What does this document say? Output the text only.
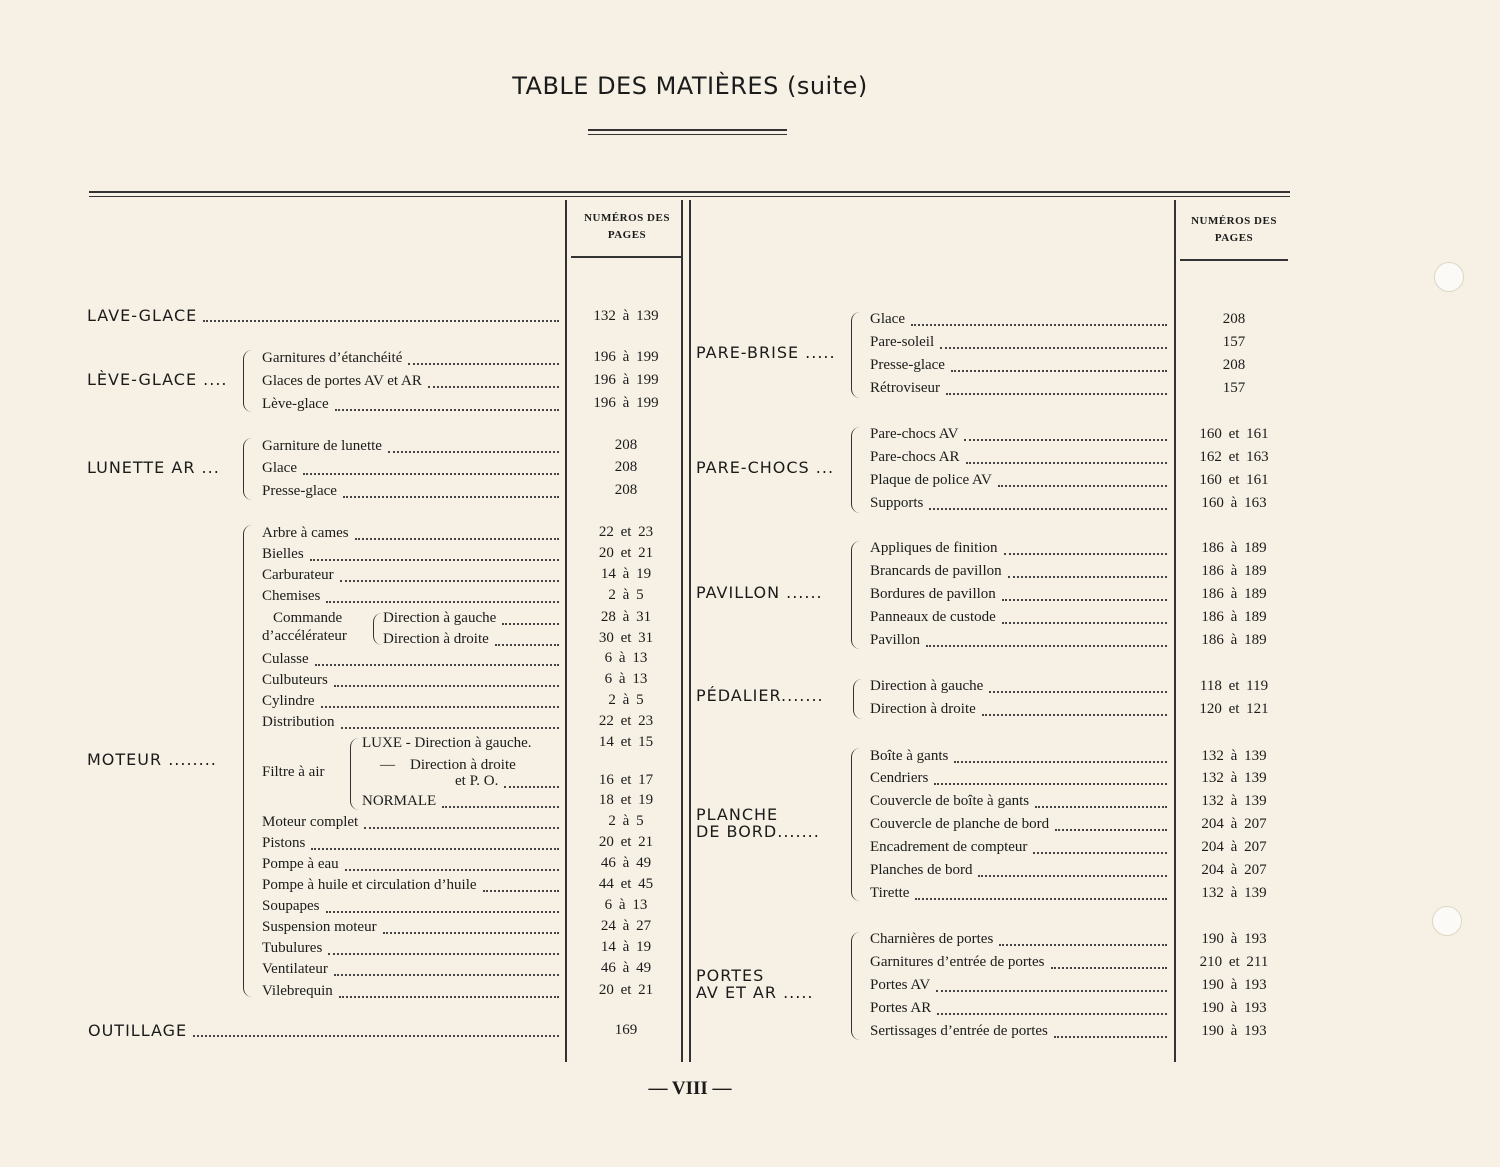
TABLE DES MATIÈRES (suite)
NUMÉROS DES PAGES
NUMÉROS DES PAGES
LAVE-GLACE	132 à 139
LÈVE-GLACE ....
Garnitures d’étanchéité	196 à 199
Glaces de portes AV et AR	196 à 199
Lève-glace	196 à 199
LUNETTE AR ...
Garniture de lunette	208
Glace	208
Presse-glace	208
MOTEUR ........
Arbre à cames	22 et 23
Bielles	20 et 21
Carburateur	14 à 19
Chemises	2 à 5
Commande
d’accélérateur
Direction à gauche	28 à 31
Direction à droite	30 et 31
Culasse	6 à 13
Culbuteurs	6 à 13
Cylindre	2 à 5
Distribution	22 et 23
Filtre à air
LUXE - Direction à gauche.	14 et 15
—    Direction à droite
et P. O.	16 et 17
NORMALE	18 et 19
Moteur complet	2 à 5
Pistons	20 et 21
Pompe à eau	46 à 49
Pompe à huile et circulation d’huile	44 et 45
Soupapes	6 à 13
Suspension moteur	24 à 27
Tubulures	14 à 19
Ventilateur	46 à 49
Vilebrequin	20 et 21
OUTILLAGE	169
PARE-BRISE .....
Glace	208
Pare-soleil	157
Presse-glace	208
Rétroviseur	157
PARE-CHOCS ...
Pare-chocs AV	160 et 161
Pare-chocs AR	162 et 163
Plaque de police AV	160 et 161
Supports	160 à 163
PAVILLON ......
Appliques de finition	186 à 189
Brancards de pavillon	186 à 189
Bordures de pavillon	186 à 189
Panneaux de custode	186 à 189
Pavillon	186 à 189
PÉDALIER.......
Direction à gauche	118 et 119
Direction à droite	120 et 121
PLANCHE
DE BORD.......
Boîte à gants	132 à 139
Cendriers	132 à 139
Couvercle de boîte à gants	132 à 139
Couvercle de planche de bord	204 à 207
Encadrement de compteur	204 à 207
Planches de bord	204 à 207
Tirette	132 à 139
PORTES
AV ET AR .....
Charnières de portes	190 à 193
Garnitures d’entrée de portes	210 et 211
Portes AV	190 à 193
Portes AR	190 à 193
Sertissages d’entrée de portes	190 à 193
— VIII —
